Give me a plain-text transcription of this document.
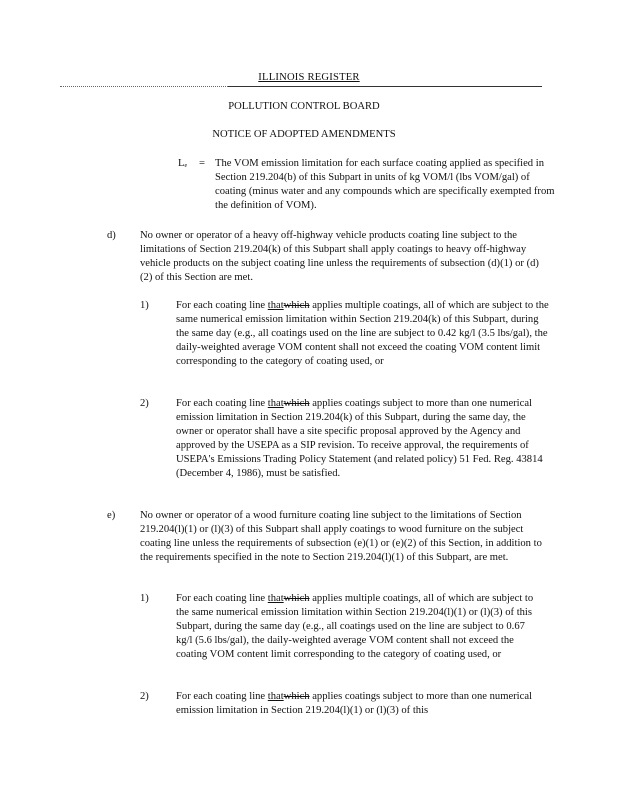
ILLINOIS REGISTER
POLLUTION CONTROL BOARD
NOTICE OF ADOPTED AMENDMENTS
Lₑ = The VOM emission limitation for each surface coating applied as specified in Section 219.204(b) of this Subpart in units of kg VOM/l (lbs VOM/gal) of coating (minus water and any compounds which are specifically exempted from the definition of VOM).
d) No owner or operator of a heavy off-highway vehicle products coating line subject to the limitations of Section 219.204(k) of this Subpart shall apply coatings to heavy off-highway vehicle products on the subject coating line unless the requirements of subsection (d)(1) or (d)(2) of this Section are met.
1)	For each coating line thatwhich applies multiple coatings, all of which are subject to the same numerical emission limitation within Section 219.204(k) of this Subpart, during the same day (e.g., all coatings used on the line are subject to 0.42 kg/l (3.5 lbs/gal), the daily-weighted average VOM content shall not exceed the coating VOM content limit corresponding to the category of coating used, or
2)	For each coating line thatwhich applies coatings subject to more than one numerical emission limitation in Section 219.204(k) of this Subpart, during the same day, the owner or operator shall have a site specific proposal approved by the Agency and approved by the USEPA as a SIP revision. To receive approval, the requirements of USEPA's Emissions Trading Policy Statement (and related policy) 51 Fed. Reg. 43814 (December 4, 1986), must be satisfied.
e) No owner or operator of a wood furniture coating line subject to the limitations of Section 219.204(l)(1) or (l)(3) of this Subpart shall apply coatings to wood furniture on the subject coating line unless the requirements of subsection (e)(1) or (e)(2) of this Section, in addition to the requirements specified in the note to Section 219.204(l)(1) of this Subpart, are met.
1)	For each coating line thatwhich applies multiple coatings, all of which are subject to the same numerical emission limitation within Section 219.204(l)(1) or (l)(3) of this Subpart, during the same day (e.g., all coatings used on the line are subject to 0.67 kg/l (5.6 lbs/gal), the daily-weighted average VOM content shall not exceed the coating VOM content limit corresponding to the category of coating used, or
2)	For each coating line thatwhich applies coatings subject to more than one numerical emission limitation in Section 219.204(l)(1) or (l)(3) of this
